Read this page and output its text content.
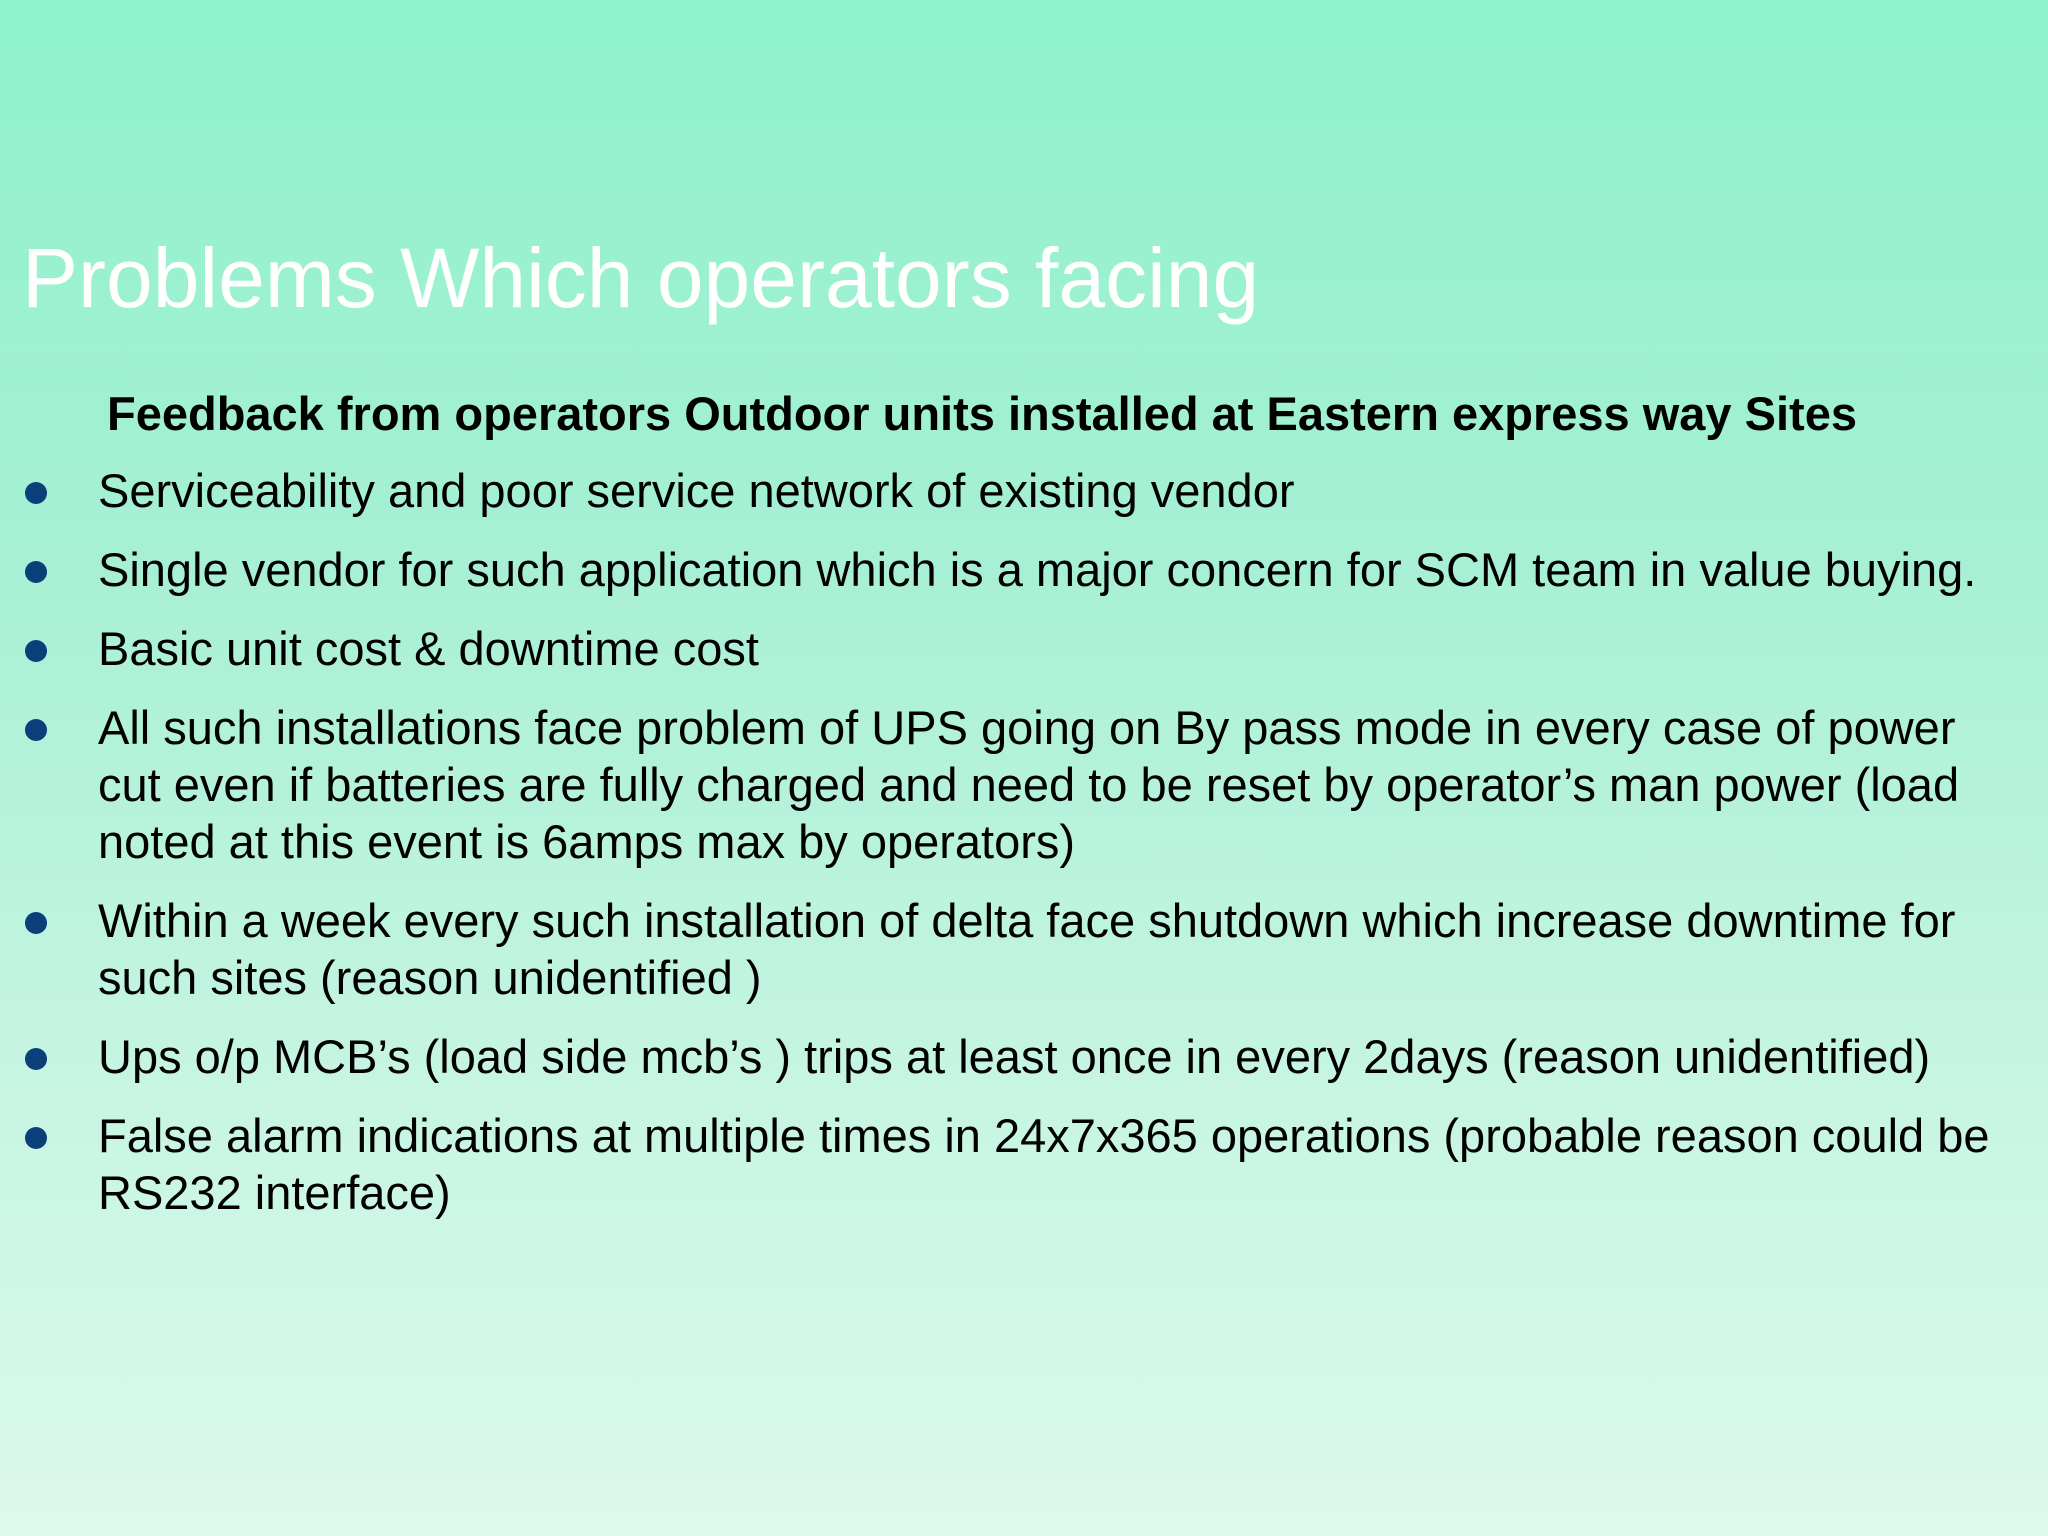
Problems Which operators facing
Feedback from operators Outdoor units installed at Eastern express way Sites
Serviceability and poor service network of existing vendor
Single vendor for such application which is a major concern for SCM team in value buying.
Basic unit cost & downtime cost
All such installations face problem of UPS going on By pass mode in every case of power cut even if batteries are fully charged and need to be reset by operator’s man power (load noted at this event is 6amps max by operators)
Within a week every such installation of delta face shutdown which increase downtime for such sites (reason unidentified )
Ups o/p MCB’s (load side mcb’s ) trips at least once in every 2days (reason unidentified)
False alarm indications at multiple times in 24x7x365 operations (probable reason could be RS232 interface)
